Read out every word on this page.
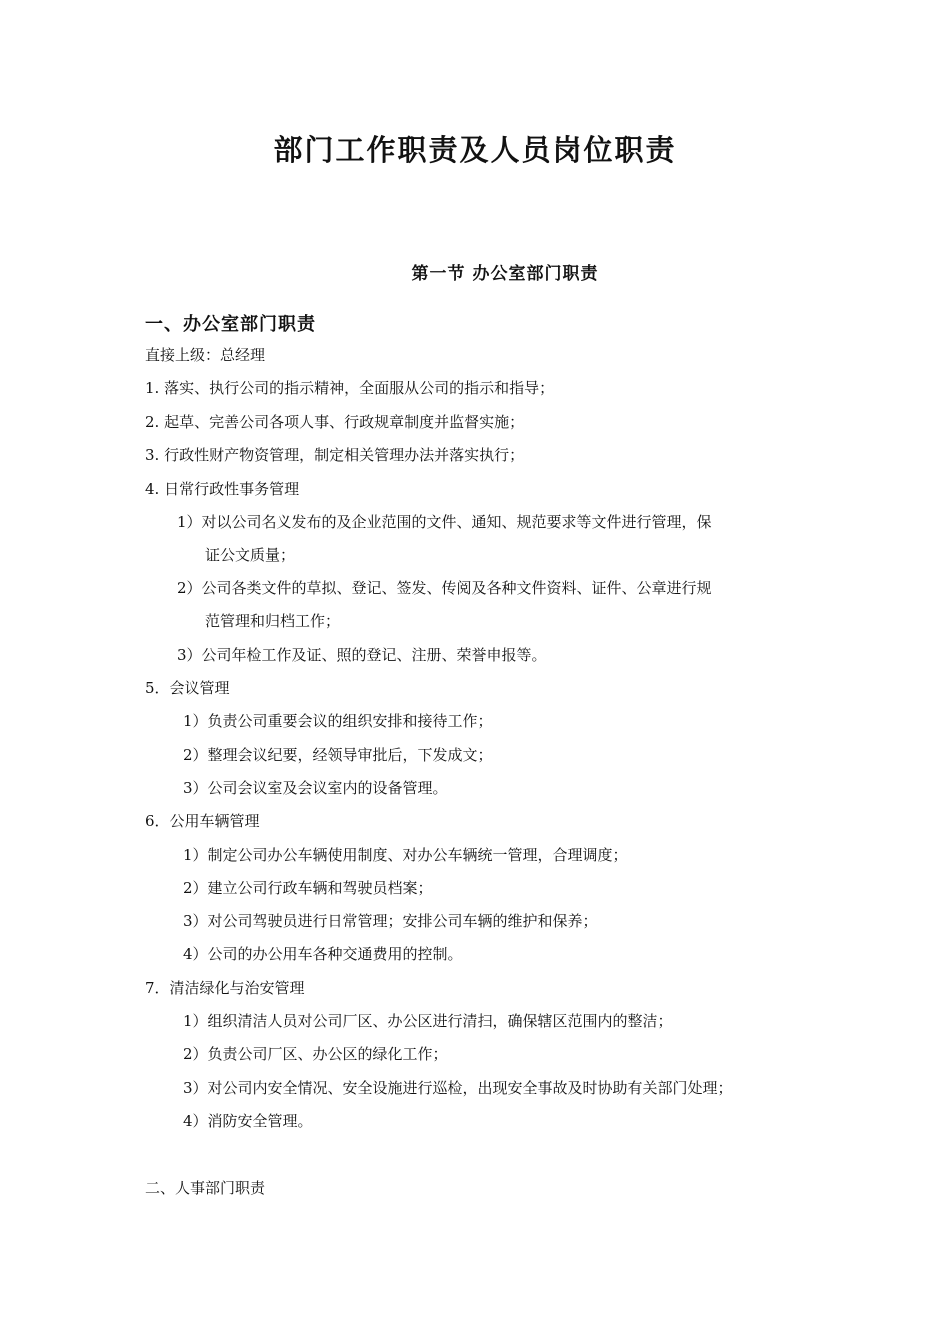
部门工作职责及人员岗位职责
第一节 办公室部门职责
一、办公室部门职责

直接上级：总经理

1. 落实、执行公司的指示精神，全面服从公司的指示和指导；

2. 起草、完善公司各项人事、行政规章制度并监督实施；

3. 行政性财产物资管理，制定相关管理办法并落实执行；

4. 日常行政性事务管理

1）对以公司名义发布的及企业范围的文件、通知、规范要求等文件进行管理，保

证公文质量；

2）公司各类文件的草拟、登记、签发、传阅及各种文件资料、证件、公章进行规

范管理和归档工作；

3）公司年检工作及证、照的登记、注册、荣誉申报等。

5．会议管理

1）负责公司重要会议的组织安排和接待工作；

2）整理会议纪要，经领导审批后，下发成文；

3）公司会议室及会议室内的设备管理。

6．公用车辆管理

1）制定公司办公车辆使用制度、对办公车辆统一管理，合理调度；

2）建立公司行政车辆和驾驶员档案；

3）对公司驾驶员进行日常管理；安排公司车辆的维护和保养；

4）公司的办公用车各种交通费用的控制。

7．清洁绿化与治安管理

1）组织清洁人员对公司厂区、办公区进行清扫，确保辖区范围内的整洁；

2）负责公司厂区、办公区的绿化工作；

3）对公司内安全情况、安全设施进行巡检，出现安全事故及时协助有关部门处理；

4）消防安全管理。

二、人事部门职责
